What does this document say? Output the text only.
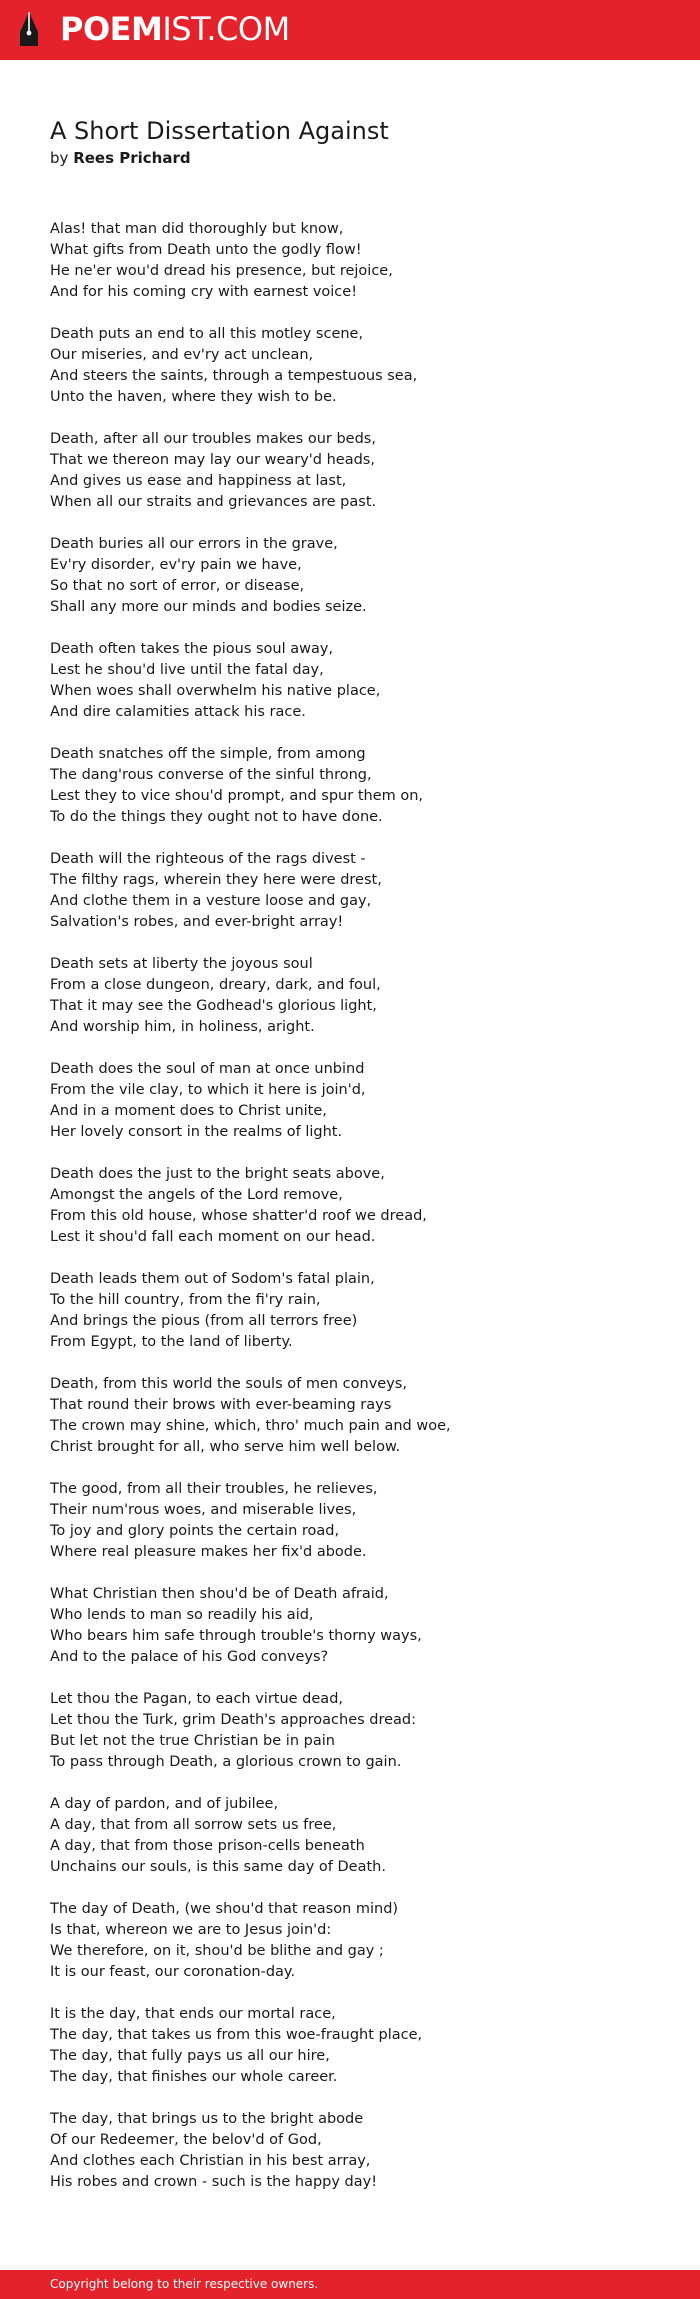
POEMIST.COM
A Short Dissertation Against
by Rees Prichard
Alas! that man did thoroughly but know,
What gifts from Death unto the godly flow!
He ne'er wou'd dread his presence, but rejoice,
And for his coming cry with earnest voice!
Death puts an end to all this motley scene,
Our miseries, and ev'ry act unclean,
And steers the saints, through a tempestuous sea,
Unto the haven, where they wish to be.
Death, after all our troubles makes our beds,
That we thereon may lay our weary'd heads,
And gives us ease and happiness at last,
When all our straits and grievances are past.
Death buries all our errors in the grave,
Ev'ry disorder, ev'ry pain we have,
So that no sort of error, or disease,
Shall any more our minds and bodies seize.
Death often takes the pious soul away,
Lest he shou'd live until the fatal day,
When woes shall overwhelm his native place,
And dire calamities attack his race.
Death snatches off the simple, from among
The dang'rous converse of the sinful throng,
Lest they to vice shou'd prompt, and spur them on,
To do the things they ought not to have done.
Death will the righteous of the rags divest -
The filthy rags, wherein they here were drest,
And clothe them in a vesture loose and gay,
Salvation's robes, and ever-bright array!
Death sets at liberty the joyous soul
From a close dungeon, dreary, dark, and foul,
That it may see the Godhead's glorious light,
And worship him, in holiness, aright.
Death does the soul of man at once unbind
From the vile clay, to which it here is join'd,
And in a moment does to Christ unite,
Her lovely consort in the realms of light.
Death does the just to the bright seats above,
Amongst the angels of the Lord remove,
From this old house, whose shatter'd roof we dread,
Lest it shou'd fall each moment on our head.
Death leads them out of Sodom's fatal plain,
To the hill country, from the fi'ry rain,
And brings the pious (from all terrors free)
From Egypt, to the land of liberty.
Death, from this world the souls of men conveys,
That round their brows with ever-beaming rays
The crown may shine, which, thro' much pain and woe,
Christ brought for all, who serve him well below.
The good, from all their troubles, he relieves,
Their num'rous woes, and miserable lives,
To joy and glory points the certain road,
Where real pleasure makes her fix'd abode.
What Christian then shou'd be of Death afraid,
Who lends to man so readily his aid,
Who bears him safe through trouble's thorny ways,
And to the palace of his God conveys?
Let thou the Pagan, to each virtue dead,
Let thou the Turk, grim Death's approaches dread:
But let not the true Christian be in pain
To pass through Death, a glorious crown to gain.
A day of pardon, and of jubilee,
A day, that from all sorrow sets us free,
A day, that from those prison-cells beneath
Unchains our souls, is this same day of Death.
The day of Death, (we shou'd that reason mind)
Is that, whereon we are to Jesus join'd:
We therefore, on it, shou'd be blithe and gay ;
It is our feast, our coronation-day.
It is the day, that ends our mortal race,
The day, that takes us from this woe-fraught place,
The day, that fully pays us all our hire,
The day, that finishes our whole career.
The day, that brings us to the bright abode
Of our Redeemer, the belov'd of God,
And clothes each Christian in his best array,
His robes and crown - such is the happy day!
Copyright belong to their respective owners.
